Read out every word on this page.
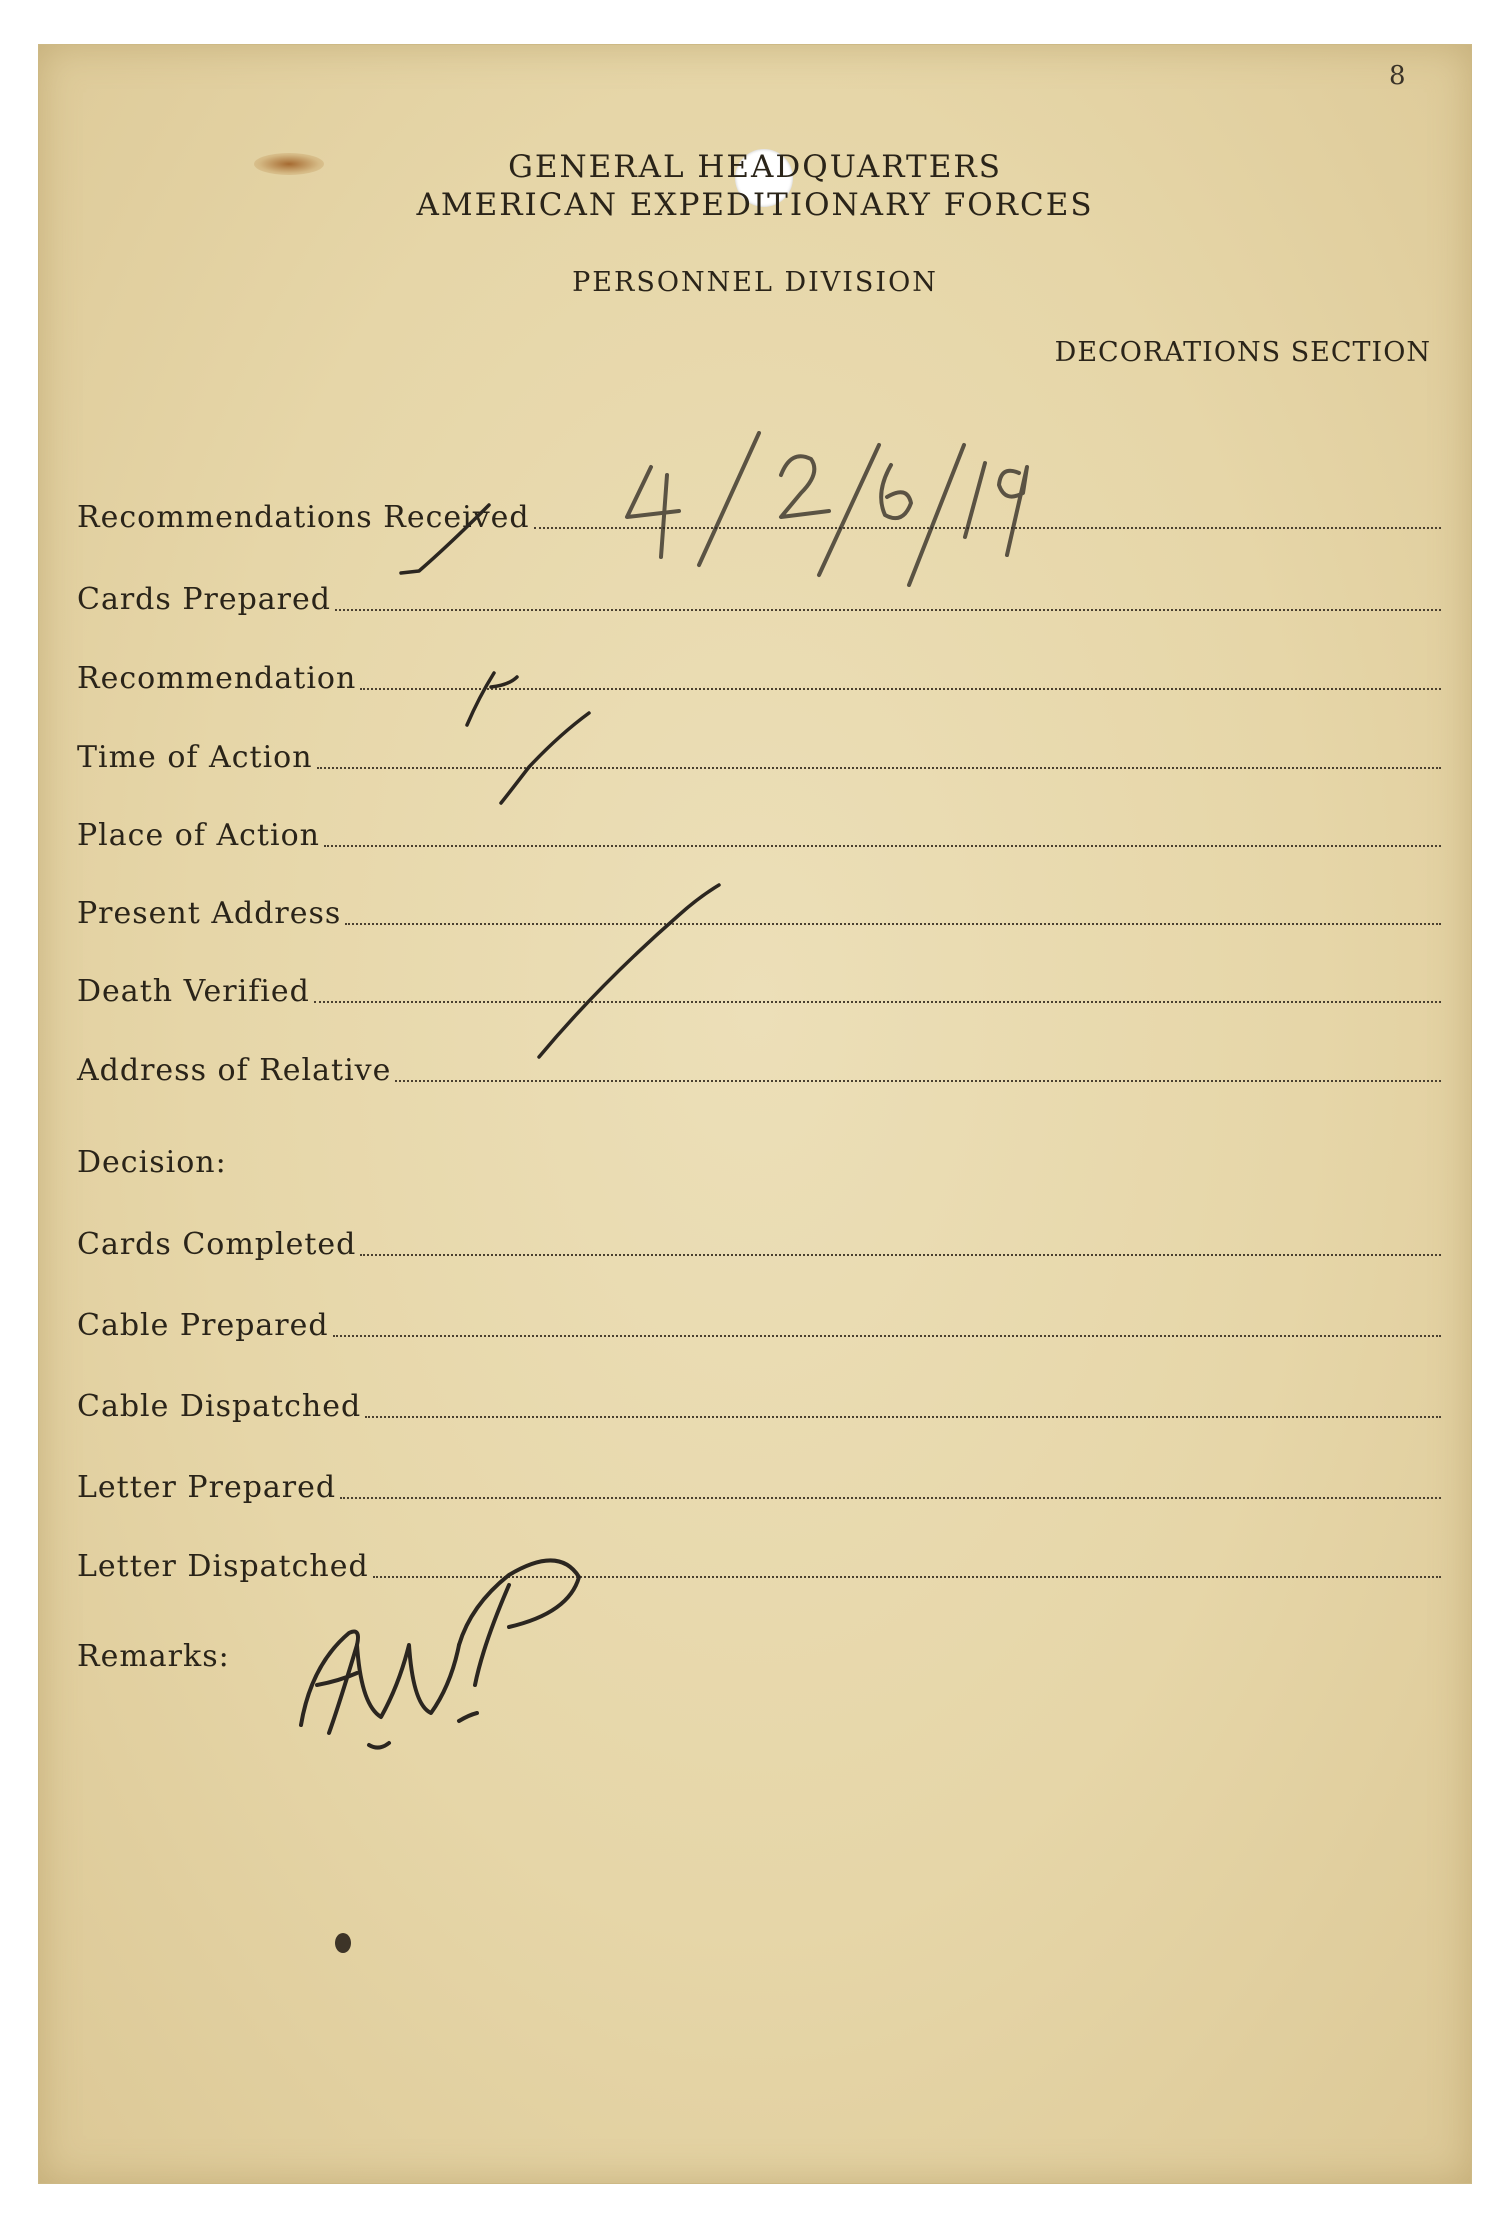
8
GENERAL HEADQUARTERS
AMERICAN EXPEDITIONARY FORCES
PERSONNEL DIVISION
DECORATIONS SECTION
Recommendations Received
Cards Prepared
Recommendation
Time of Action
Place of Action
Present Address
Death Verified
Address of Relative
Decision:
Cards Completed
Cable Prepared
Cable Dispatched
Letter Prepared
Letter Dispatched
Remarks:
